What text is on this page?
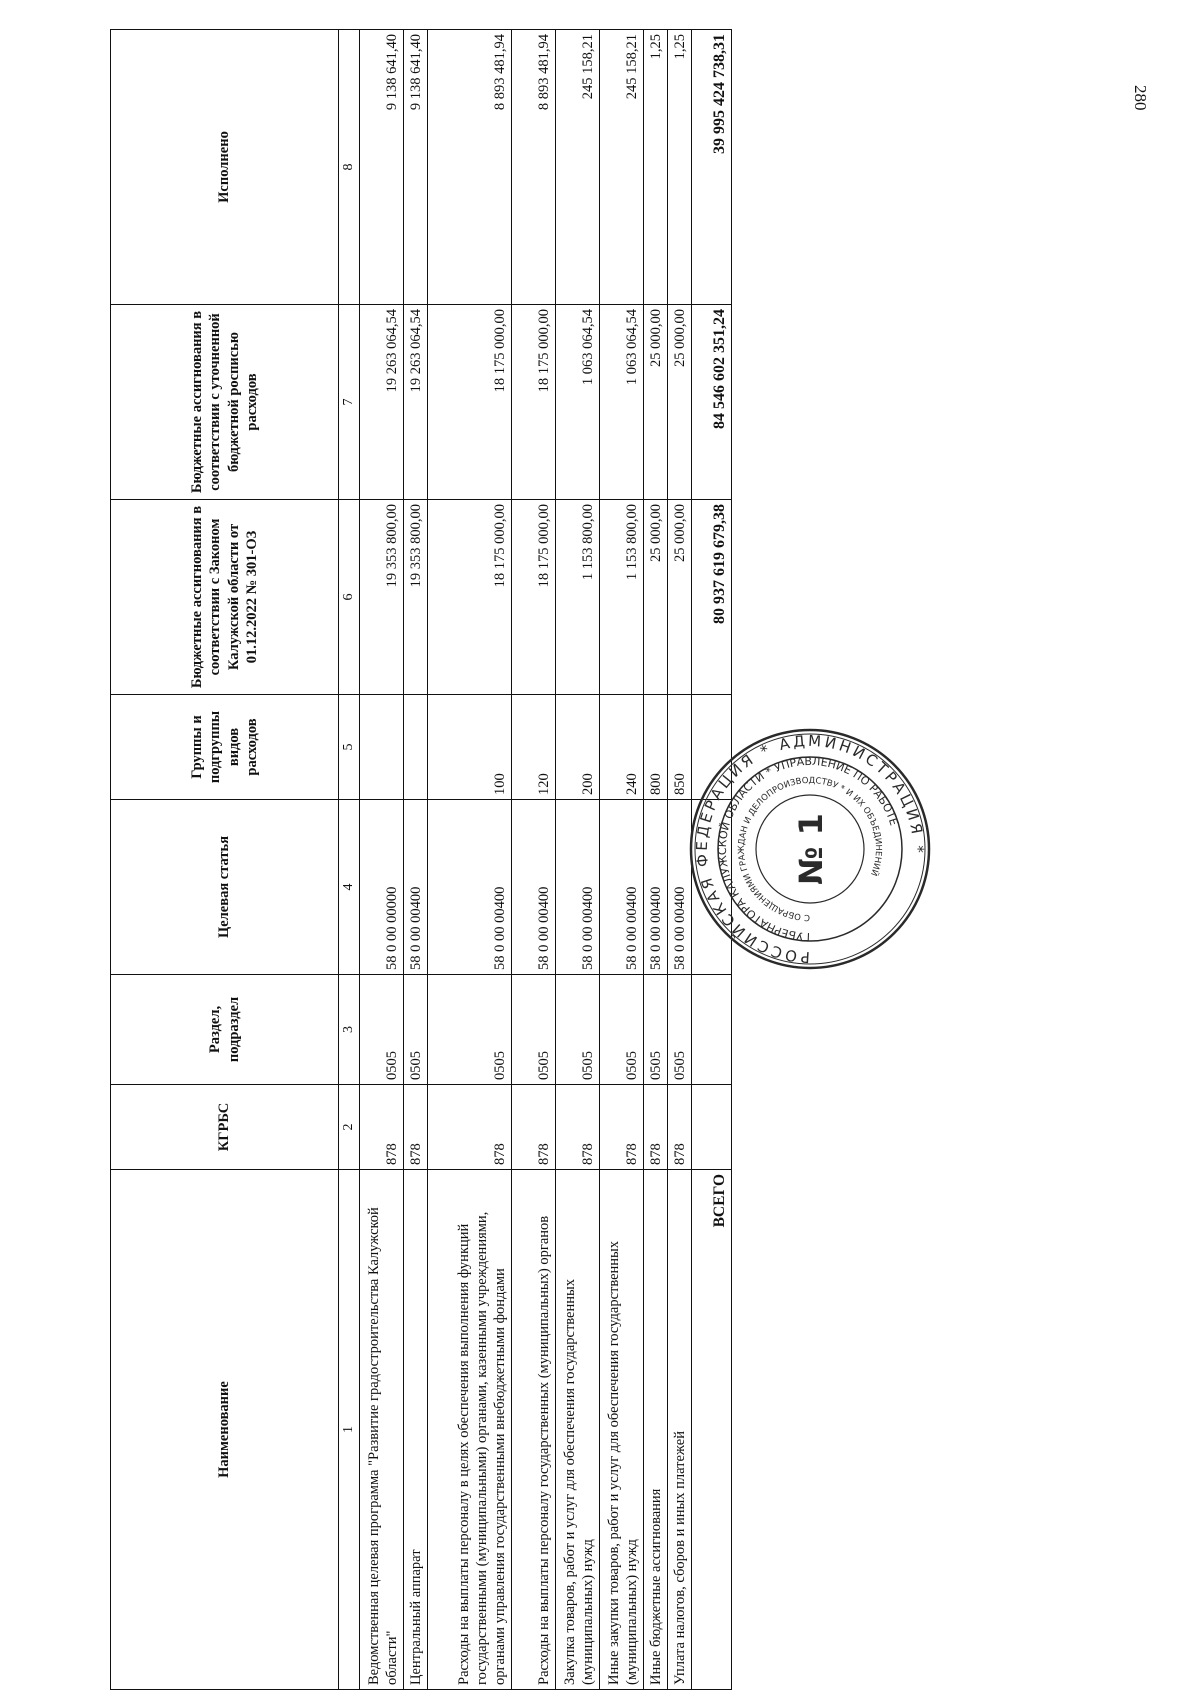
280
Наименование	КГРБС	Раздел, подраздел	Целевая статья	Группы и подгруппы видов расходов	Бюджетные ассигнования в соответствии с Законом Калужской области от 01.12.2022 № 301-ОЗ	Бюджетные ассигнования в соответствии с уточненной бюджетной росписью расходов	Исполнено
1	2	3	4	5	6	7	8
Ведомственная целевая программа "Развитие градостроительства Калужской области"	878	0505	58 0 00 00000		19 353 800,00	19 263 064,54	9 138 641,40
Центральный аппарат	878	0505	58 0 00 00400		19 353 800,00	19 263 064,54	9 138 641,40
Расходы на выплаты персоналу в целях обеспечения выполнения функций государственными (муниципальными) органами, казенными учреждениями, органами управления государственными внебюджетными фондами	878	0505	58 0 00 00400	100	18 175 000,00	18 175 000,00	8 893 481,94
Расходы на выплаты персоналу государственных (муниципальных) органов	878	0505	58 0 00 00400	120	18 175 000,00	18 175 000,00	8 893 481,94
Закупка товаров, работ и услуг для обеспечения государственных (муниципальных) нужд	878	0505	58 0 00 00400	200	1 153 800,00	1 063 064,54	245 158,21
Иные закупки товаров, работ и услуг для обеспечения государственных (муниципальных) нужд	878	0505	58 0 00 00400	240	1 153 800,00	1 063 064,54	245 158,21
Иные бюджетные ассигнования	878	0505	58 0 00 00400	800	25 000,00	25 000,00	1,25
Уплата налогов, сборов и иных платежей	878	0505	58 0 00 00400	850	25 000,00	25 000,00	1,25
ВСЕГО					80 937 619 679,38	84 546 602 351,24	39 995 424 738,31
РОССИЙСКАЯ ФЕДЕРАЦИЯ * АДМИНИСТРАЦИЯ *
ГУБЕРНАТОРА КАЛУЖСКОЙ ОБЛАСТИ * УПРАВЛЕНИЕ ПО РАБОТЕ
С ОБРАЩЕНИЯМИ ГРАЖДАН И ДЕЛОПРОИЗВОДСТВУ * И ИХ ОБЪЕДИНЕНИЙ
№ 1
